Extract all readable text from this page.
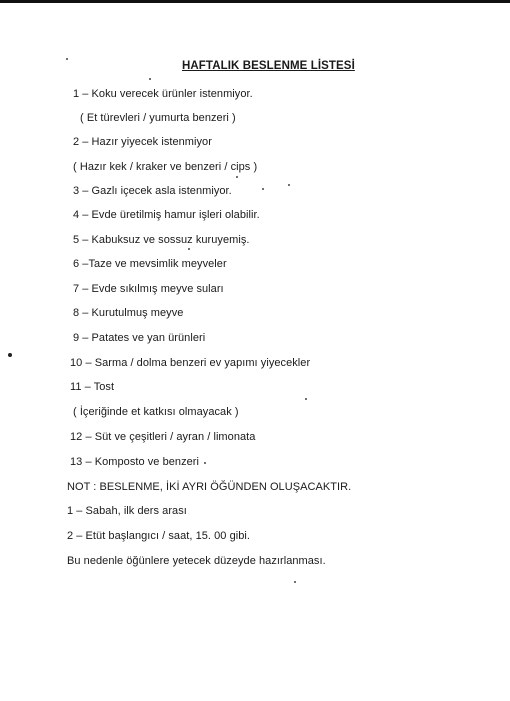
HAFTALIK BESLENME LİSTESİ
1 – Koku verecek ürünler istenmiyor.
( Et türevleri / yumurta benzeri )
2 – Hazır yiyecek istenmiyor
( Hazır kek / kraker ve benzeri / cips )
3 – Gazlı içecek asla istenmiyor.
4 – Evde üretilmiş hamur işleri olabilir.
5 – Kabuksuz ve sossuz kuruyemiş.
6 –Taze ve mevsimlik meyveler
7 – Evde sıkılmış meyve suları
8 – Kurutulmuş meyve
9 – Patates ve yan ürünleri
10 – Sarma / dolma benzeri ev yapımı yiyecekler
11 – Tost
( İçeriğinde et katkısı olmayacak )
12 – Süt ve çeşitleri / ayran / limonata
13 – Komposto ve benzeri
NOT : BESLENME, İKİ AYRI ÖĞÜNDEN OLUŞACAKTIR.
1 – Sabah, ilk ders arası
2 – Etüt başlangıcı / saat, 15. 00 gibi.
Bu nedenle öğünlere yetecek düzeyde hazırlanması.
